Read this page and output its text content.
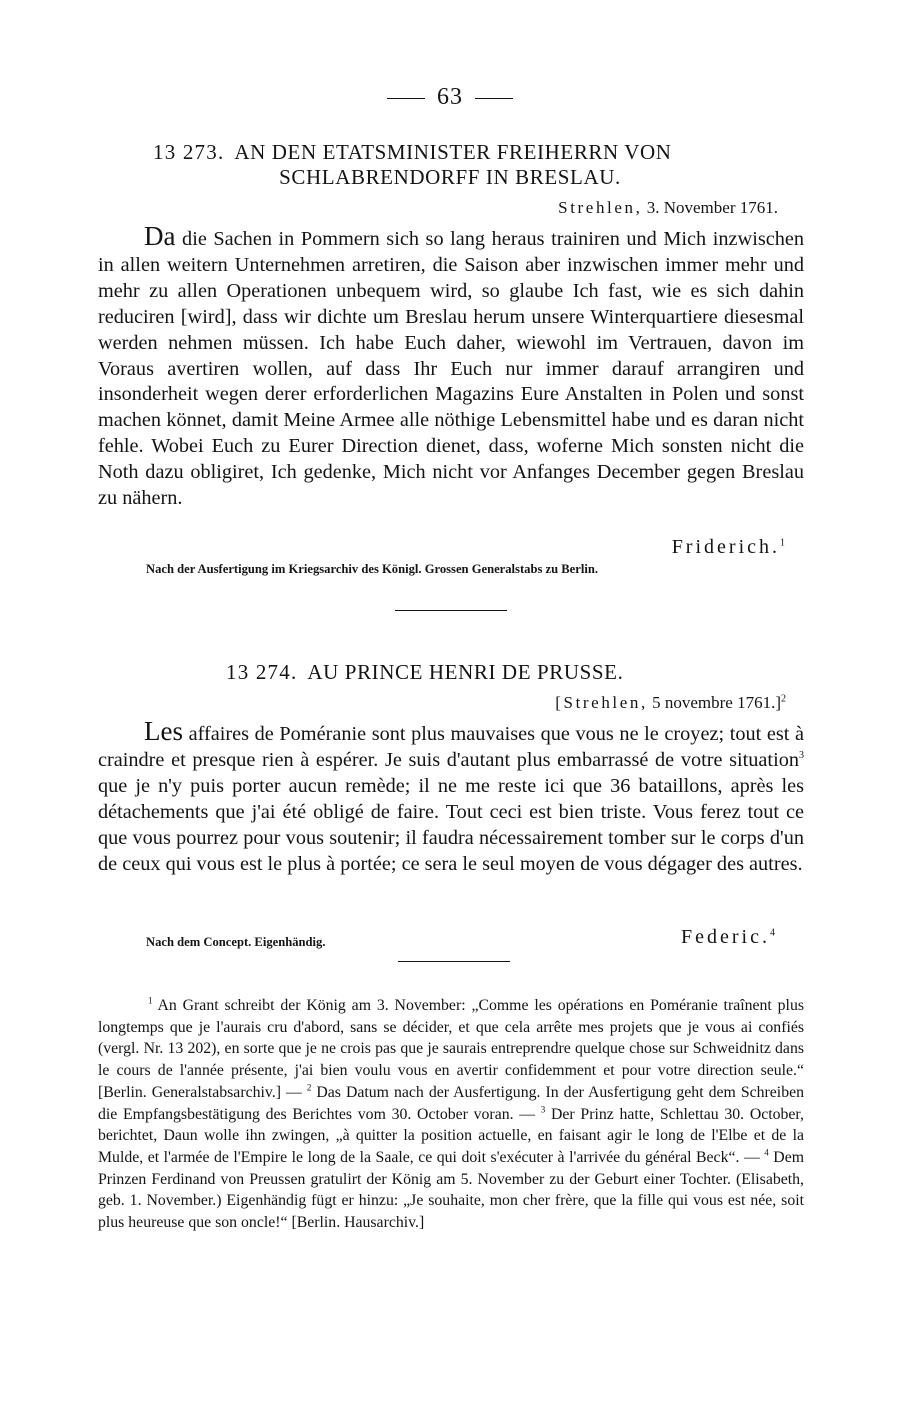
63
13 273. AN DEN ETATSMINISTER FREIHERRN VON
SCHLABRENDORFF IN BRESLAU.
Strehlen, 3. November 1761.

Da die Sachen in Pommern sich so lang heraus trainiren und Mich inzwischen in allen weitern Unternehmen arretiren, die Saison aber inzwischen immer mehr und mehr zu allen Operationen unbequem wird, so glaube Ich fast, wie es sich dahin reduciren [wird], dass wir dichte um Breslau herum unsere Winterquartiere diesesmal werden nehmen müssen. Ich habe Euch daher, wiewohl im Vertrauen, davon im Voraus avertiren wollen, auf dass Ihr Euch nur immer darauf arrangiren und insonderheit wegen derer erforderlichen Magazins Eure Anstalten in Polen und sonst machen könnet, damit Meine Armee alle nöthige Lebensmittel habe und es daran nicht fehle. Wobei Euch zu Eurer Direction dienet, dass, woferne Mich sonsten nicht die Noth dazu obligiret, Ich gedenke, Mich nicht vor Anfanges December gegen Breslau zu nähern.

Friderich.$^1$
Nach der Ausfertigung im Kriegsarchiv des Königl. Grossen Generalstabs zu Berlin.
13 274. AU PRINCE HENRI DE PRUSSE.
[Strehlen, 5 novembre 1761.]$^2$

Les affaires de Poméranie sont plus mauvaises que vous ne le croyez; tout est à craindre et presque rien à espérer. Je suis d'autant plus embarrassé de votre situation$^3$ que je n'y puis porter aucun remède; il ne me reste ici que 36 bataillons, après les détachements que j'ai été obligé de faire. Tout ceci est bien triste. Vous ferez tout ce que vous pourrez pour vous soutenir; il faudra nécessairement tomber sur le corps d'un de ceux qui vous est le plus à portée; ce sera le seul moyen de vous dégager des autres.

Nach dem Concept. Eigenhändig.	Federic.$^4$

$^1$ An Grant schreibt der König am 3. November: „Comme les opérations en Poméranie traînent plus longtemps que je l'aurais cru d'abord, sans se décider, et que cela arrête mes projets que je vous ai confiés (vergl. Nr. 13 202), en sorte que je ne crois pas que je saurais entreprendre quelque chose sur Schweidnitz dans le cours de l'année présente, j'ai bien voulu vous en avertir confidemment et pour votre direction seule.“ [Berlin. Generalstabsarchiv.] — $^2$ Das Datum nach der Ausfertigung. In der Ausfertigung geht dem Schreiben die Empfangsbestätigung des Berichtes vom 30. October voran. — $^3$ Der Prinz hatte, Schlettau 30. October, berichtet, Daun wolle ihn zwingen, „à quitter la position actuelle, en faisant agir le long de l'Elbe et de la Mulde, et l'armée de l'Empire le long de la Saale, ce qui doit s'exécuter à l'arrivée du général Beck“. — $^4$ Dem Prinzen Ferdinand von Preussen gratulirt der König am 5. November zu der Geburt einer Tochter. (Elisabeth, geb. 1. November.) Eigenhändig fügt er hinzu: „Je souhaite, mon cher frère, que la fille qui vous est née, soit plus heureuse que son oncle!“ [Berlin. Hausarchiv.]
